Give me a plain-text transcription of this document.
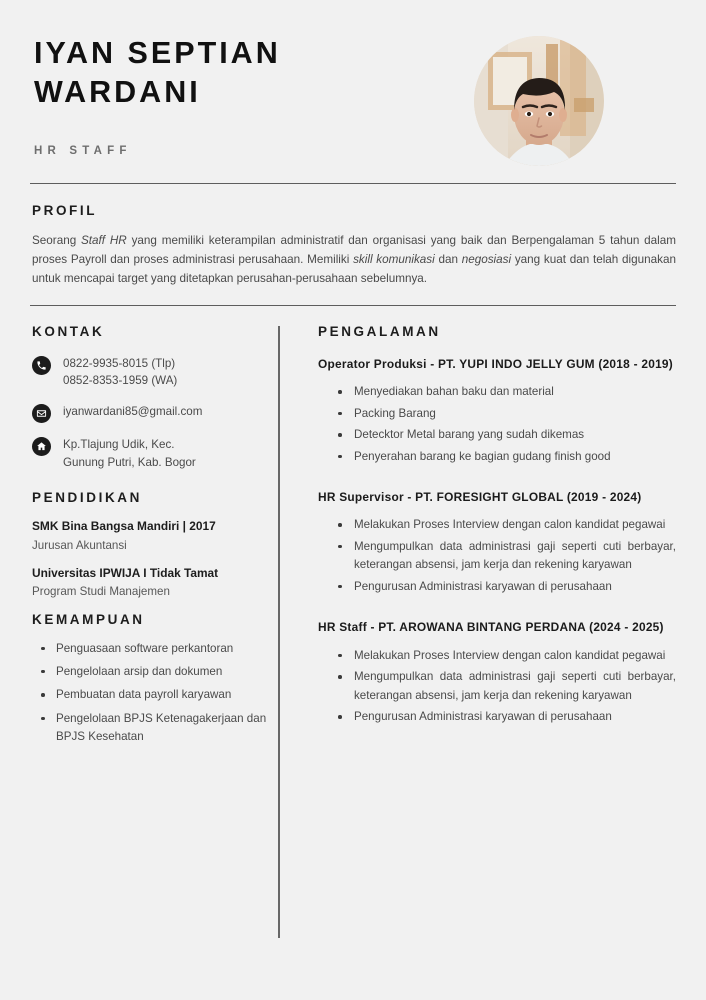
IYAN SEPTIAN WARDANI
HR STAFF
PROFIL

Seorang Staff HR yang memiliki keterampilan administratif dan organisasi yang baik dan Berpengalaman 5 tahun dalam proses Payroll dan proses administrasi perusahaan. Memiliki skill komunikasi dan negosiasi yang kuat dan telah digunakan untuk mencapai target yang ditetapkan perusahan-perusahaan sebelumnya.

KONTAK
0822-9935-8015 (Tlp)
0852-8353-1959 (WA)
iyanwardani85@gmail.com
Kp.Tlajung Udik, Kec.
Gunung Putri, Kab. Bogor
PENDIDIKAN
SMK Bina Bangsa Mandiri | 2017
Jurusan Akuntansi
Universitas IPWIJA I Tidak Tamat
Program Studi Manajemen
KEMAMPUAN
Penguasaan software perkantoran
Pengelolaan arsip dan dokumen
Pembuatan data payroll karyawan
Pengelolaan BPJS Ketenagakerjaan dan BPJS Kesehatan
PENGALAMAN
Operator Produksi - PT. YUPI INDO JELLY GUM (2018 - 2019)
Menyediakan bahan baku dan material
Packing Barang
Detecktor Metal barang yang sudah dikemas
Penyerahan barang ke bagian gudang finish good
HR Supervisor - PT. FORESIGHT GLOBAL (2019 - 2024)
Melakukan Proses Interview dengan calon kandidat pegawai
Mengumpulkan data administrasi gaji seperti cuti berbayar, keterangan absensi, jam kerja dan rekening karyawan
Pengurusan Administrasi karyawan di perusahaan
HR Staff - PT. AROWANA BINTANG PERDANA (2024 - 2025)
Melakukan Proses Interview dengan calon kandidat pegawai
Mengumpulkan data administrasi gaji seperti cuti berbayar, keterangan absensi, jam kerja dan rekening karyawan
Pengurusan Administrasi karyawan di perusahaan
